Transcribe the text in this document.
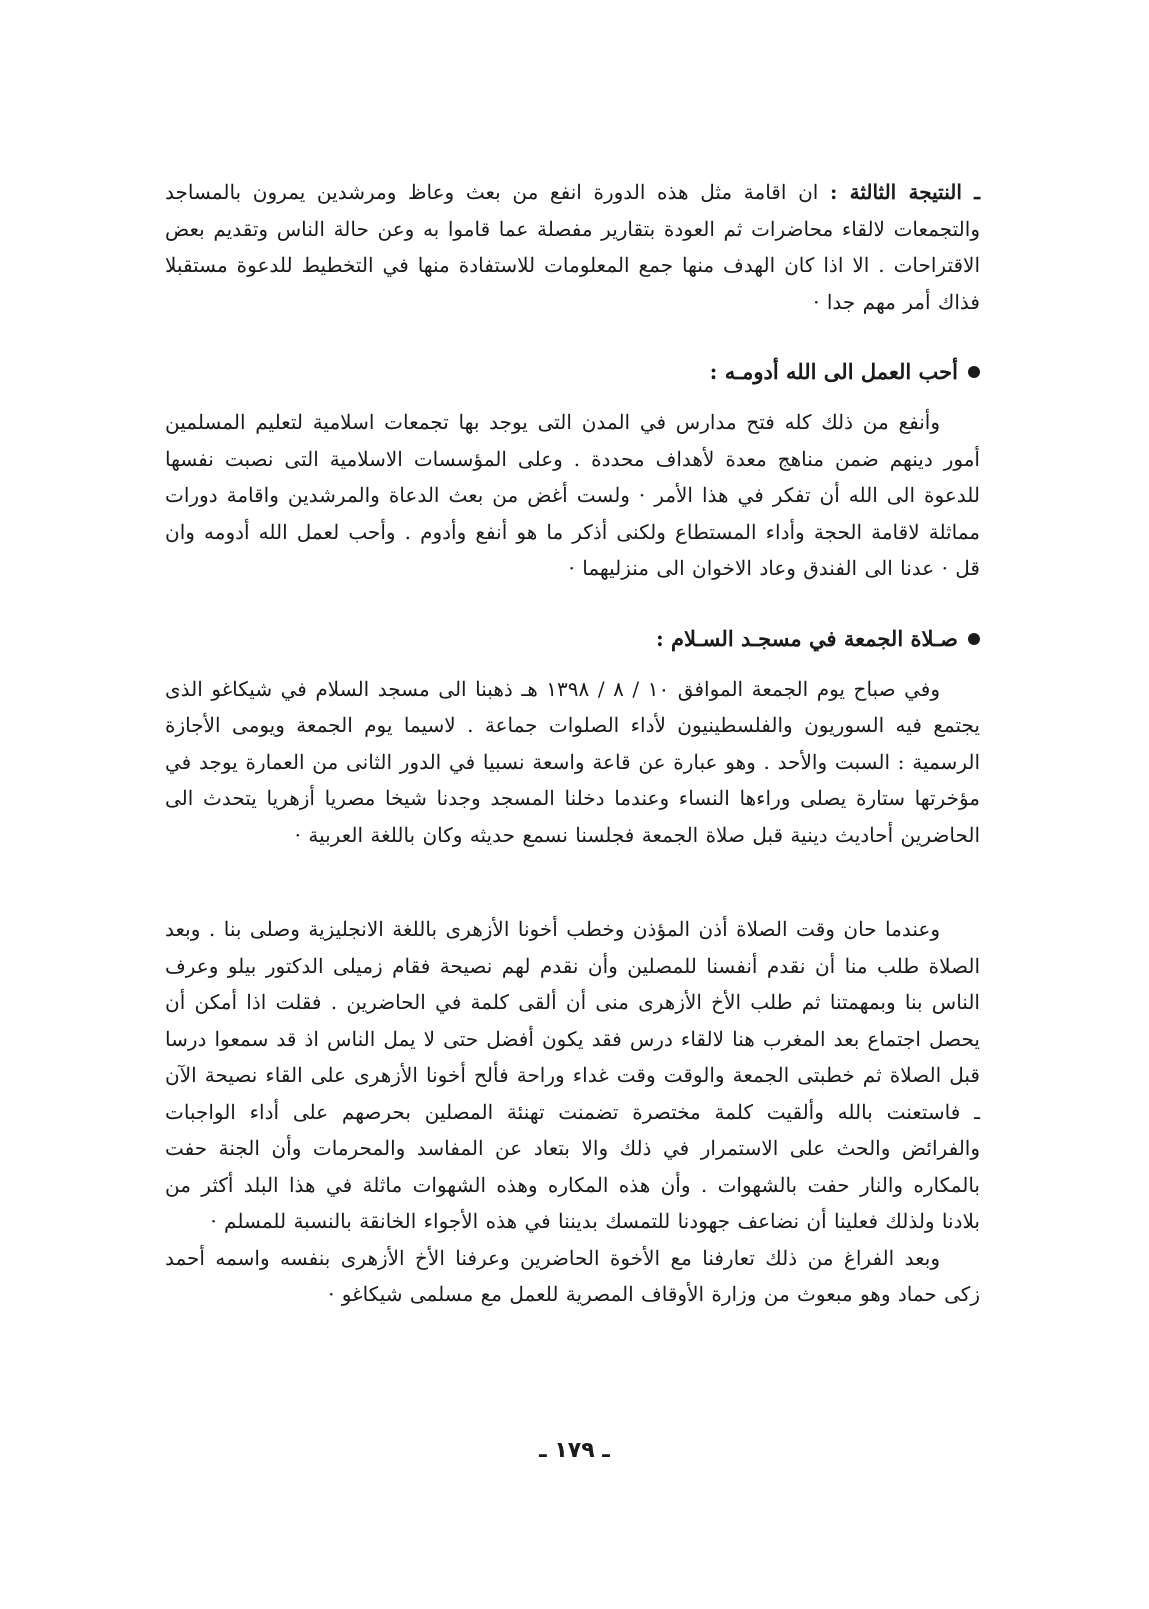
ـ النتيجة الثالثة : ان اقامة مثل هذه الدورة انفع من بعث وعاظ ومرشدين يمرون بالمساجد والتجمعات لالقاء محاضرات ثم العودة بتقارير مفصلة عما قاموا به وعن حالة الناس وتقديم بعض الاقتراحات . الا اذا كان الهدف منها جمع المعلومات للاستفادة منها في التخطيط للدعوة مستقبلا فذاك أمر مهم جدا ·

أحب العمل الى الله أدومـه :

وأنفع من ذلك كله فتح مدارس في المدن التى يوجد بها تجمعات اسلامية لتعليم المسلمين أمور دينهم ضمن مناهج معدة لأهداف محددة . وعلى المؤسسات الاسلامية التى نصبت نفسها للدعوة الى الله أن تفكر في هذا الأمر · ولست أغض من بعث الدعاة والمرشدين واقامة دورات مماثلة لاقامة الحجة وأداء المستطاع ولكنى أذكر ما هو أنفع وأدوم . وأحب لعمل الله أدومه وان قل · عدنا الى الفندق وعاد الاخوان الى منزليهما ·

صـلاة الجمعة في مسجـد السـلام :

وفي صباح يوم الجمعة الموافق ١٠ / ٨ / ١٣٩٨ هـ ذهبنا الى مسجد السلام في شيكاغو الذى يجتمع فيه السوريون والفلسطينيون لأداء الصلوات جماعة . لاسيما يوم الجمعة ويومى الأجازة الرسمية : السبت والأحد . وهو عبارة عن قاعة واسعة نسبيا في الدور الثانى من العمارة يوجد في مؤخرتها ستارة يصلى وراءها النساء وعندما دخلنا المسجد وجدنا شيخا مصريا أزهريا يتحدث الى الحاضرين أحاديث دينية قبل صلاة الجمعة فجلسنا نسمع حديثه وكان باللغة العربية ·

وعندما حان وقت الصلاة أذن المؤذن وخطب أخونا الأزهرى باللغة الانجليزية وصلى بنا . وبعد الصلاة طلب منا أن نقدم أنفسنا للمصلين وأن نقدم لهم نصيحة فقام زميلى الدكتور بيلو وعرف الناس بنا وبمهمتنا ثم طلب الأخ الأزهرى منى أن ألقى كلمة في الحاضرين . فقلت اذا أمكن أن يحصل اجتماع بعد المغرب هنا لالقاء درس فقد يكون أفضل حتى لا يمل الناس اذ قد سمعوا درسا قبل الصلاة ثم خطبتى الجمعة والوقت وقت غداء وراحة فألح أخونا الأزهرى على القاء نصيحة الآن ـ فاستعنت بالله وألقيت كلمة مختصرة تضمنت تهنئة المصلين بحرصهم على أداء الواجبات والفرائض والحث على الاستمرار في ذلك والا بتعاد عن المفاسد والمحرمات وأن الجنة حفت بالمكاره والنار حفت بالشهوات . وأن هذه المكاره وهذه الشهوات ماثلة في هذا البلد أكثر من بلادنا ولذلك فعلينا أن نضاعف جهودنا للتمسك بديننا في هذه الأجواء الخانقة بالنسبة للمسلم ·

وبعد الفراغ من ذلك تعارفنا مع الأخوة الحاضرين وعرفنا الأخ الأزهرى بنفسه واسمه أحمد زكى حماد وهو مبعوث من وزارة الأوقاف المصرية للعمل مع مسلمى شيكاغو ·

ـ ١٧٩ ـ
